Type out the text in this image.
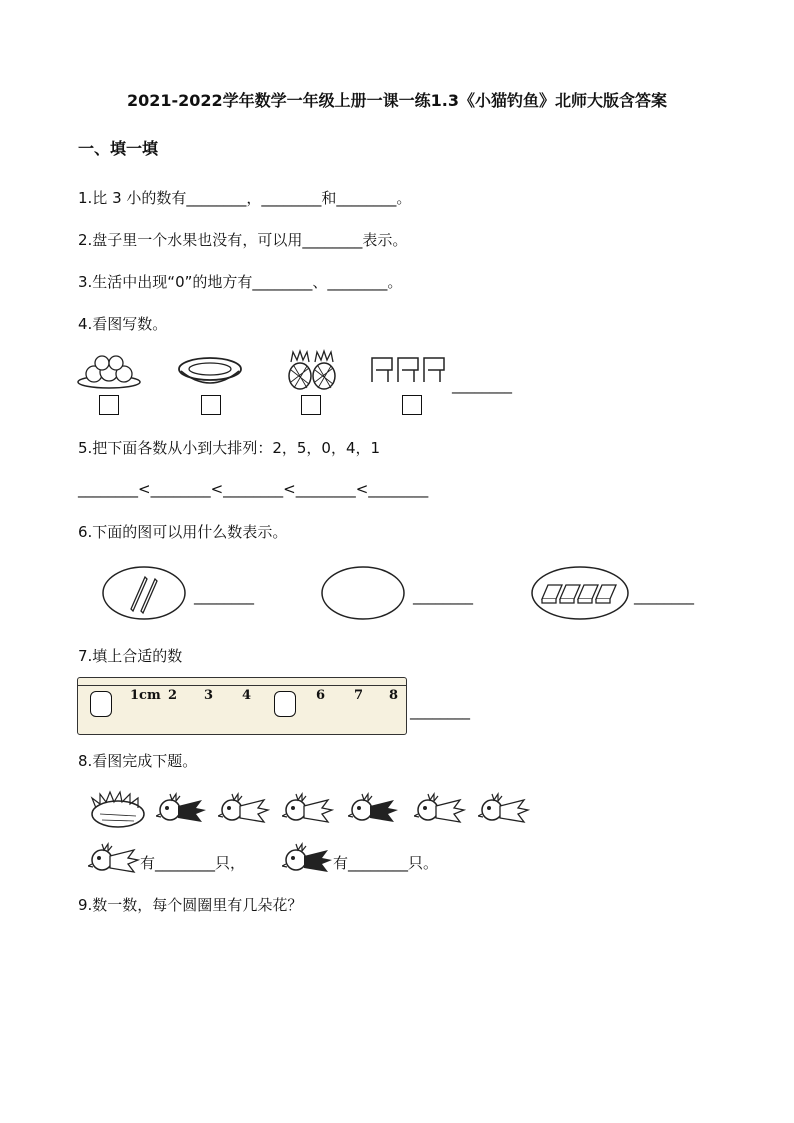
2021-2022学年数学一年级上册一课一练1.3《小猫钓鱼》北师大版含答案
一、填一填
1.比 3 小的数有________，________和________。
2.盘子里一个水果也没有，可以用________表示。
3.生活中出现“0”的地方有________、________。
4.看图写数。
________
5.把下面各数从小到大排列：2，5，0，4，1
________<________<________<________<________
6.下面的图可以用什么数表示。
________	________	________
7.填上合适的数
1cm 2 3 4	6 7 8
________
8.看图完成下题。
有________只，	有________只。
9.数一数，每个圆圈里有几朵花？
